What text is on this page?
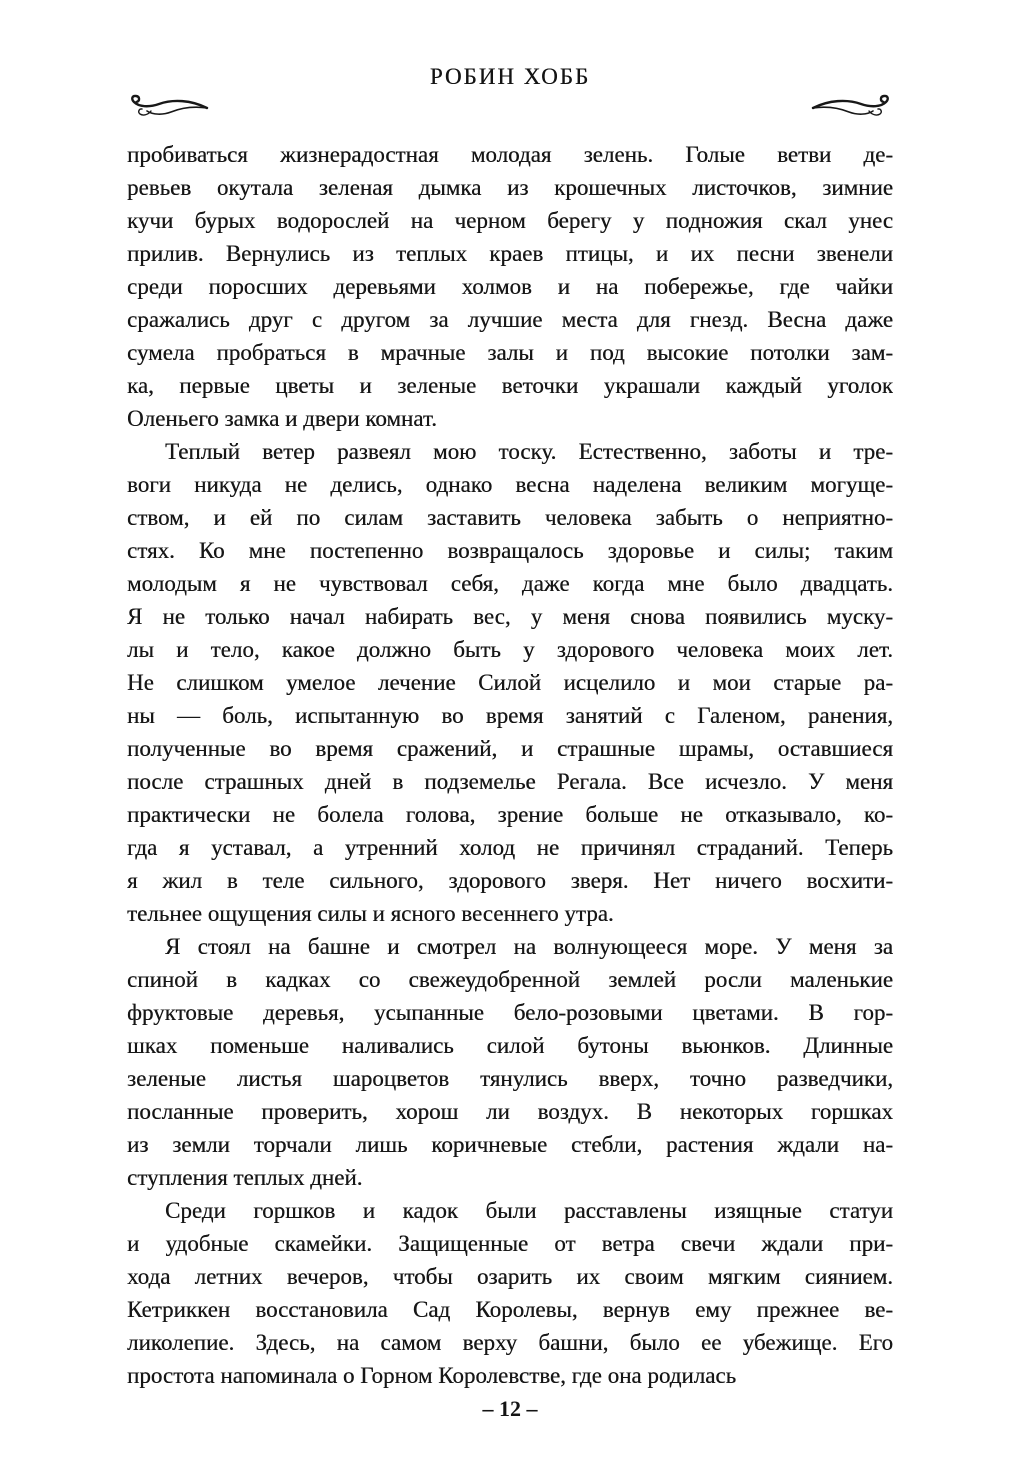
РОБИН ХОББ
пробиваться жизнерадостная молодая зелень. Голые ветви де-
ревьев окутала зеленая дымка из крошечных листочков, зимние
кучи бурых водорослей на черном берегу у подножия скал унес
прилив. Вернулись из теплых краев птицы, и их песни звенели
среди поросших деревьями холмов и на побережье, где чайки
сражались друг с другом за лучшие места для гнезд. Весна даже
сумела пробраться в мрачные залы и под высокие потолки зам-
ка, первые цветы и зеленые веточки украшали каждый уголок
Оленьего замка и двери комнат.
Теплый ветер развеял мою тоску. Естественно, заботы и тре-
воги никуда не делись, однако весна наделена великим могуще-
ством, и ей по силам заставить человека забыть о неприятно-
стях. Ко мне постепенно возвращалось здоровье и силы; таким
молодым я не чувствовал себя, даже когда мне было двадцать.
Я не только начал набирать вес, у меня снова появились муску-
лы и тело, какое должно быть у здорового человека моих лет.
Не слишком умелое лечение Силой исцелило и мои старые ра-
ны — боль, испытанную во время занятий с Галеном, ранения,
полученные во время сражений, и страшные шрамы, оставшиеся
после страшных дней в подземелье Регала. Все исчезло. У меня
практически не болела голова, зрение больше не отказывало, ко-
гда я уставал, а утренний холод не причинял страданий. Теперь
я жил в теле сильного, здорового зверя. Нет ничего восхити-
тельнее ощущения силы и ясного весеннего утра.
Я стоял на башне и смотрел на волнующееся море. У меня за
спиной в кадках со свежеудобренной землей росли маленькие
фруктовые деревья, усыпанные бело-розовыми цветами. В гор-
шках поменьше наливались силой бутоны вьюнков. Длинные
зеленые листья шароцветов тянулись вверх, точно разведчики,
посланные проверить, хорош ли воздух. В некоторых горшках
из земли торчали лишь коричневые стебли, растения ждали на-
ступления теплых дней.
Среди горшков и кадок были расставлены изящные статуи
и удобные скамейки. Защищенные от ветра свечи ждали при-
хода летних вечеров, чтобы озарить их своим мягким сиянием.
Кетриккен восстановила Сад Королевы, вернув ему прежнее ве-
ликолепие. Здесь, на самом верху башни, было ее убежище. Его
простота напоминала о Горном Королевстве, где она родилась
– 12 –
